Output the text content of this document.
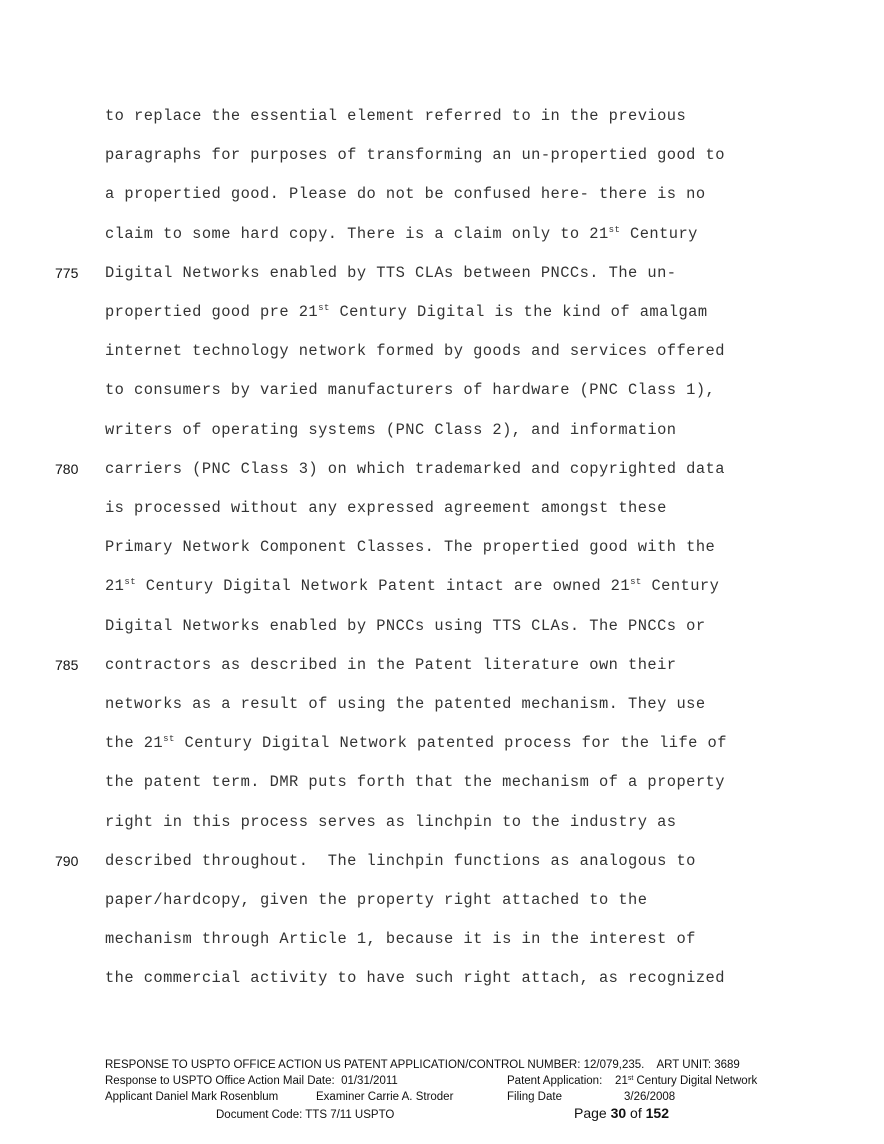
to replace the essential element referred to in the previous
paragraphs for purposes of transforming an un-propertied good to
a propertied good. Please do not be confused here- there is no
claim to some hard copy. There is a claim only to 21st Century
Digital Networks enabled by TTS CLAs between PNCCs. The un-
propertied good pre 21st Century Digital is the kind of amalgam
internet technology network formed by goods and services offered
to consumers by varied manufacturers of hardware (PNC Class 1),
writers of operating systems (PNC Class 2), and information
carriers (PNC Class 3) on which trademarked and copyrighted data
is processed without any expressed agreement amongst these
Primary Network Component Classes. The propertied good with the
21st Century Digital Network Patent intact are owned 21st Century
Digital Networks enabled by PNCCs using TTS CLAs. The PNCCs or
contractors as described in the Patent literature own their
networks as a result of using the patented mechanism. They use
the 21st Century Digital Network patented process for the life of
the patent term. DMR puts forth that the mechanism of a property
right in this process serves as linchpin to the industry as
described throughout.  The linchpin functions as analogous to
paper/hardcopy, given the property right attached to the
mechanism through Article 1, because it is in the interest of
the commercial activity to have such right attach, as recognized
775
780
785
790
RESPONSE TO USPTO OFFICE ACTION US PATENT APPLICATION/CONTROL NUMBER: 12/079,235.    ART UNIT: 3689
Response to USPTO Office Action Mail Date:  01/31/2011	Patent Application:    21st Century Digital Network
Applicant Daniel Mark Rosenblum	Examiner Carrie A. Stroder	Filing Date	3/26/2008
Document Code: TTS 7/11 USPTO	Page 30 of 152
